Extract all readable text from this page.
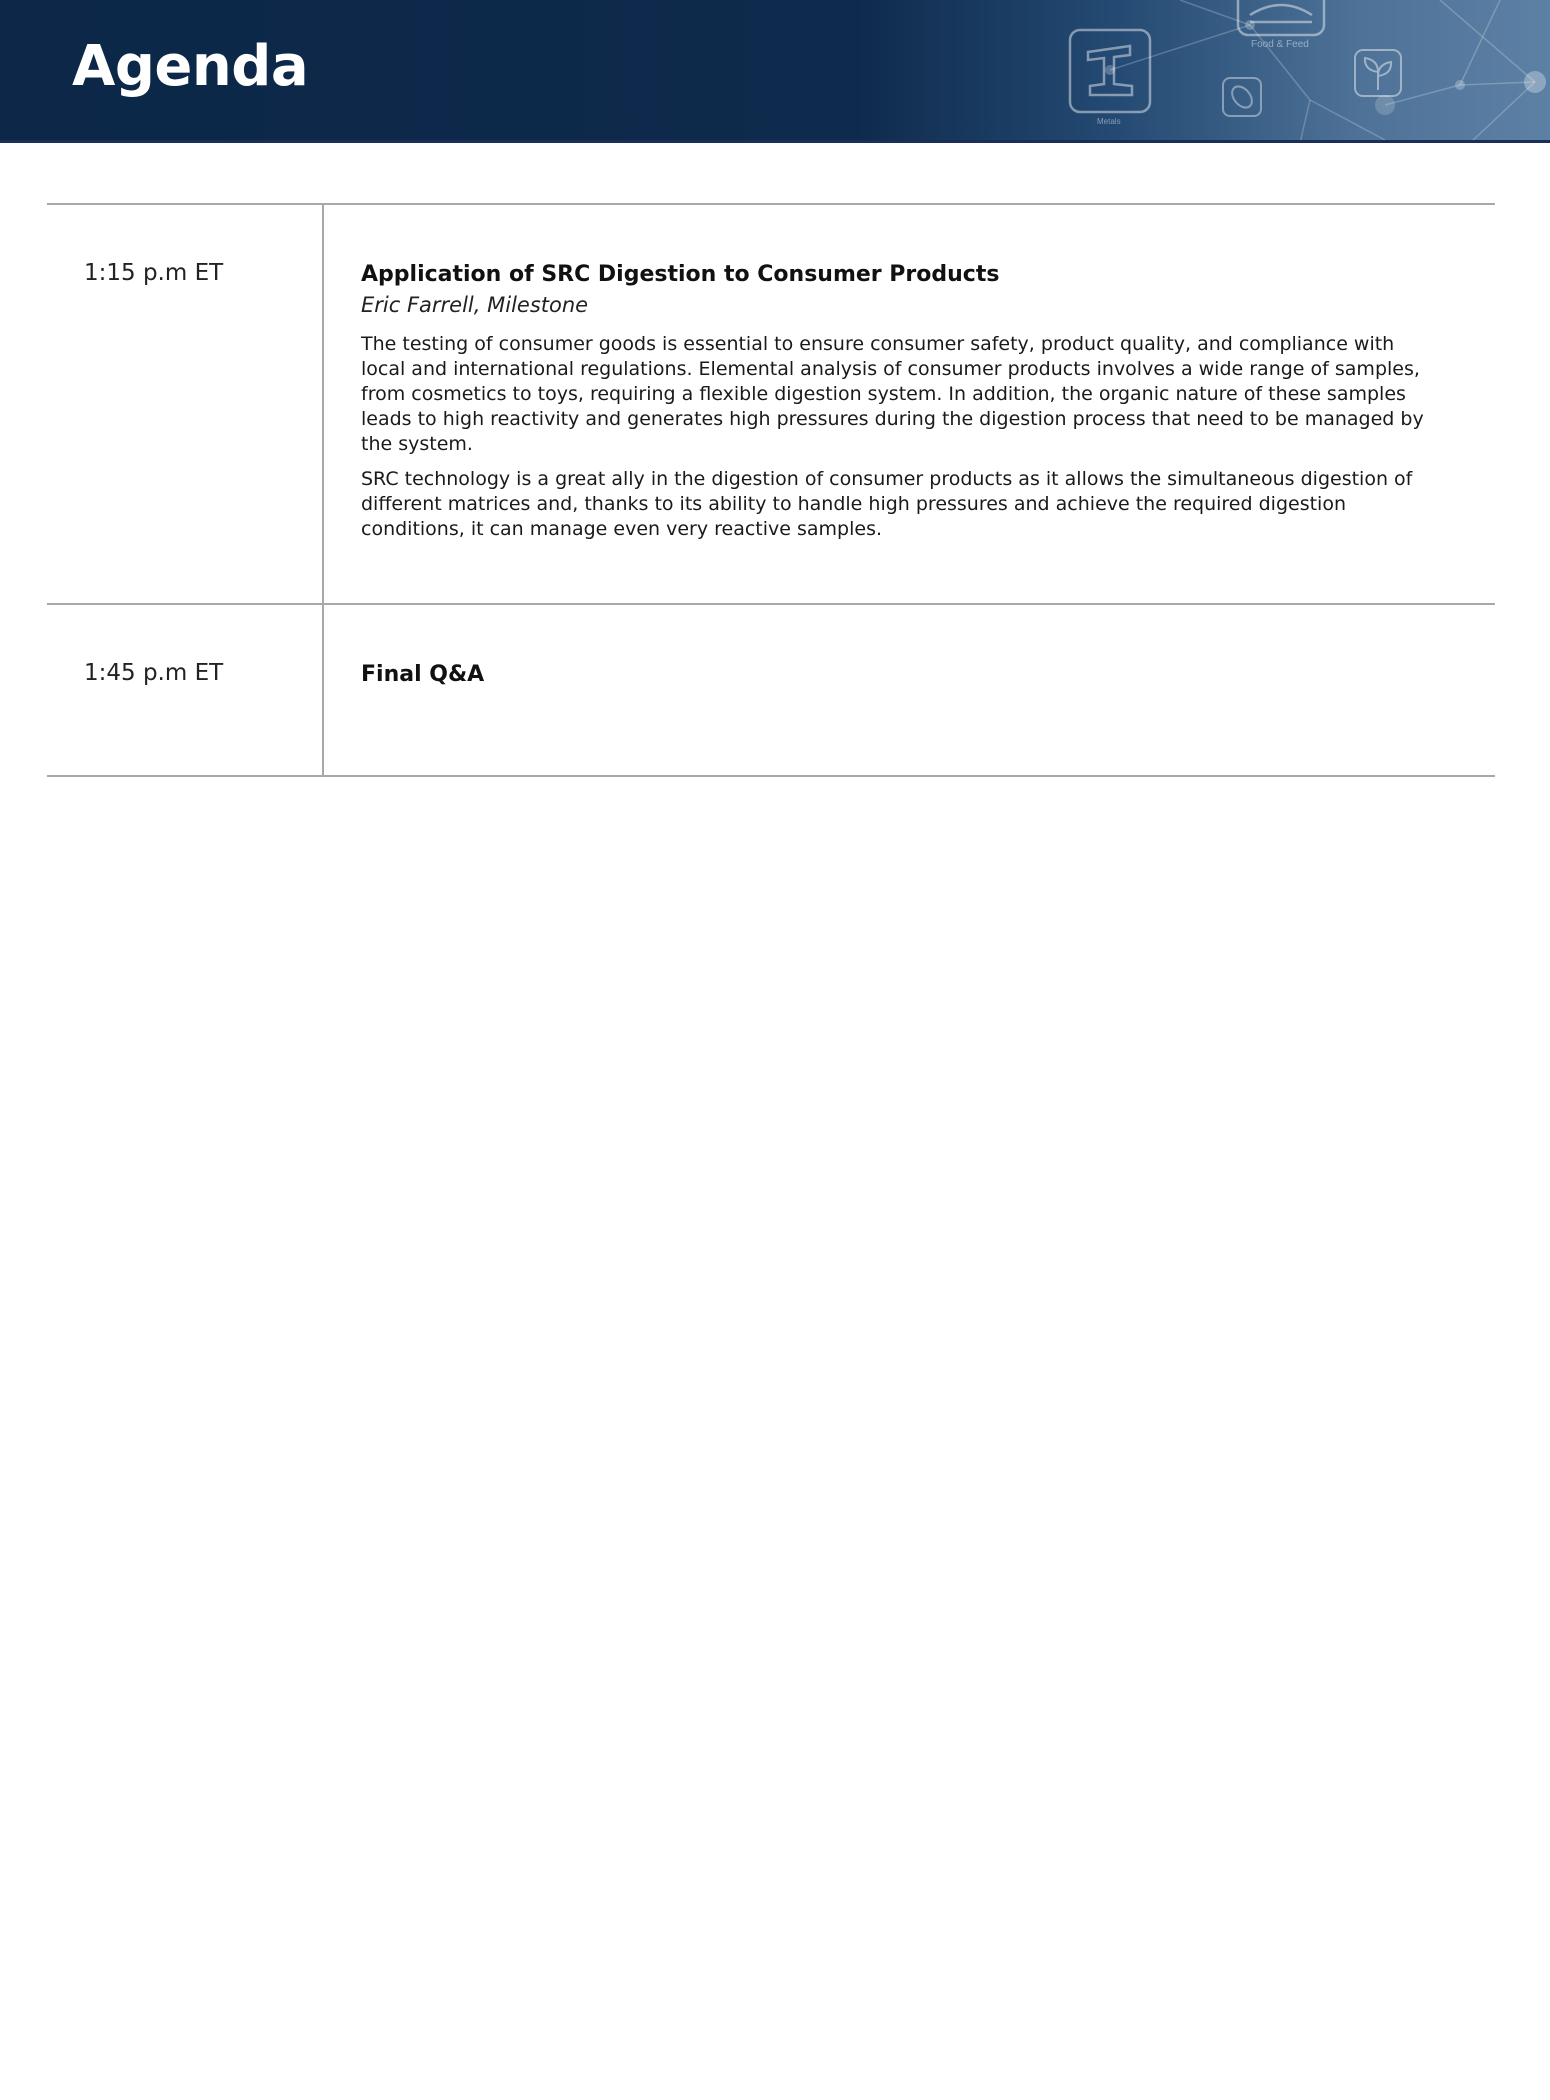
Food & Feed
Metals
Agenda
1:15 p.m ET	Application of SRC Digestion to Consumer Products
Eric Farrell, Milestone

The testing of consumer goods is essential to ensure consumer safety, product quality, and compliance with local and international regulations. Elemental analysis of consumer products involves a wide range of samples, from cosmetics to toys, requiring a flexible digestion system. In addition, the organic nature of these samples leads to high reactivity and generates high pressures during the digestion process that need to be managed by the system.

SRC technology is a great ally in the digestion of consumer products as it allows the simultaneous digestion of different matrices and, thanks to its ability to handle high pressures and achieve the required digestion conditions, it can manage even very reactive samples.

1:45 p.m ET	Final Q&A
